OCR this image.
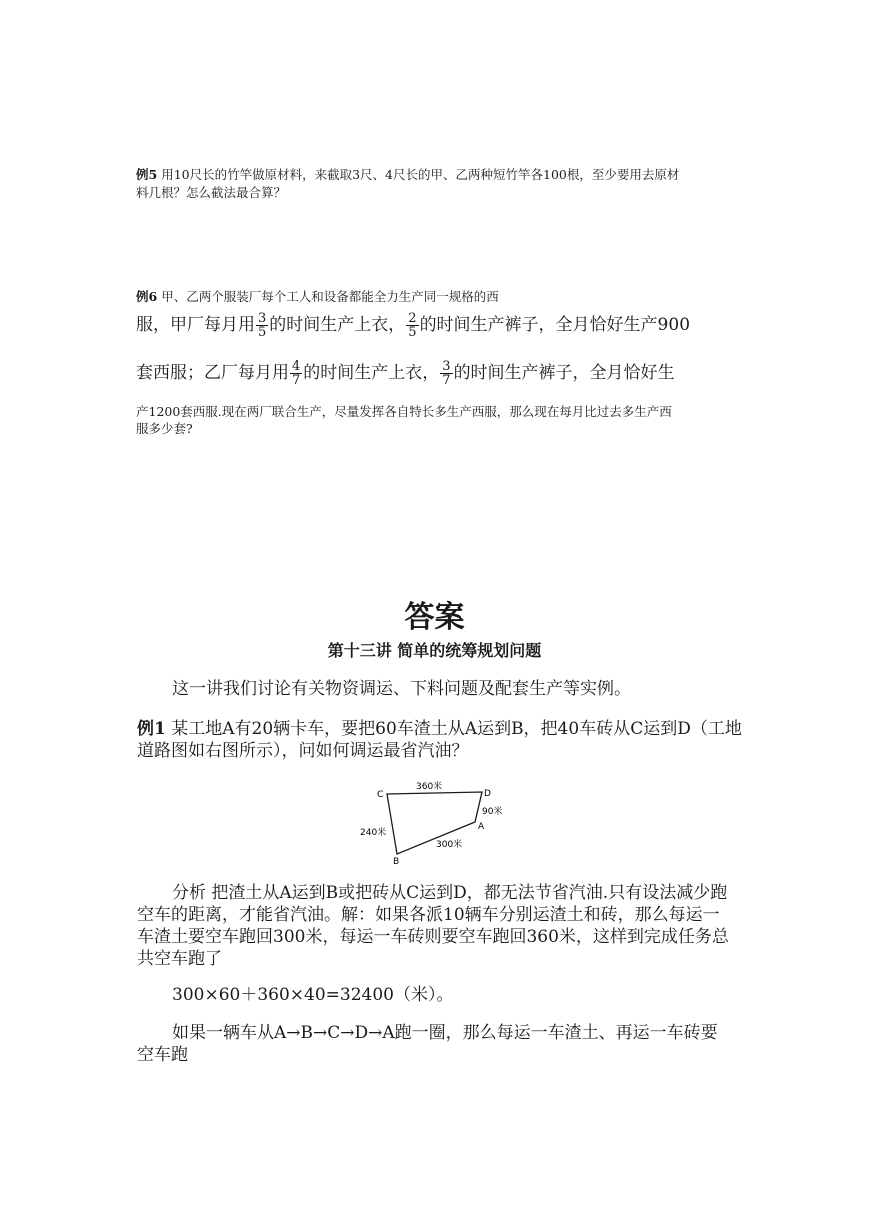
例5 用10尺长的竹竿做原材料，来截取3尺、4尺长的甲、乙两种短竹竿各100根，至少要用去原材
料几根？怎么截法最合算？
例6 甲、乙两个服装厂每个工人和设备都能全力生产同一规格的西
服，甲厂每月用 $\frac{3}{5}$ 的时间生产上衣， $\frac{2}{5}$ 的时间生产裤子，全月恰好生产900
套西服；乙厂每月用 $\frac{4}{7}$ 的时间生产上衣， $\frac{3}{7}$ 的时间生产裤子，全月恰好生
产1200套西服.现在两厂联合生产，尽量发挥各自特长多生产西服，那么现在每月比过去多生产西
服多少套?
答案
第十三讲 简单的统筹规划问题
这一讲我们讨论有关物资调运、下料问题及配套生产等实例。
例1 某工地A有20辆卡车，要把60车渣土从A运到B，把40车砖从C运到D（工地
道路图如右图所示），问如何调运最省汽油？
C	D
A
B
360米
90米
240米
300米
分析 把渣土从A运到B或把砖从C运到D，都无法节省汽油.只有设法减少跑
空车的距离，才能省汽油。解：如果各派10辆车分别运渣土和砖，那么每运一
车渣土要空车跑回300米，每运一车砖则要空车跑回360米，这样到完成任务总
共空车跑了
300×60＋360×40=32400（米）。
如果一辆车从A→B→C→D→A跑一圈，那么每运一车渣土、再运一车砖要
空车跑
